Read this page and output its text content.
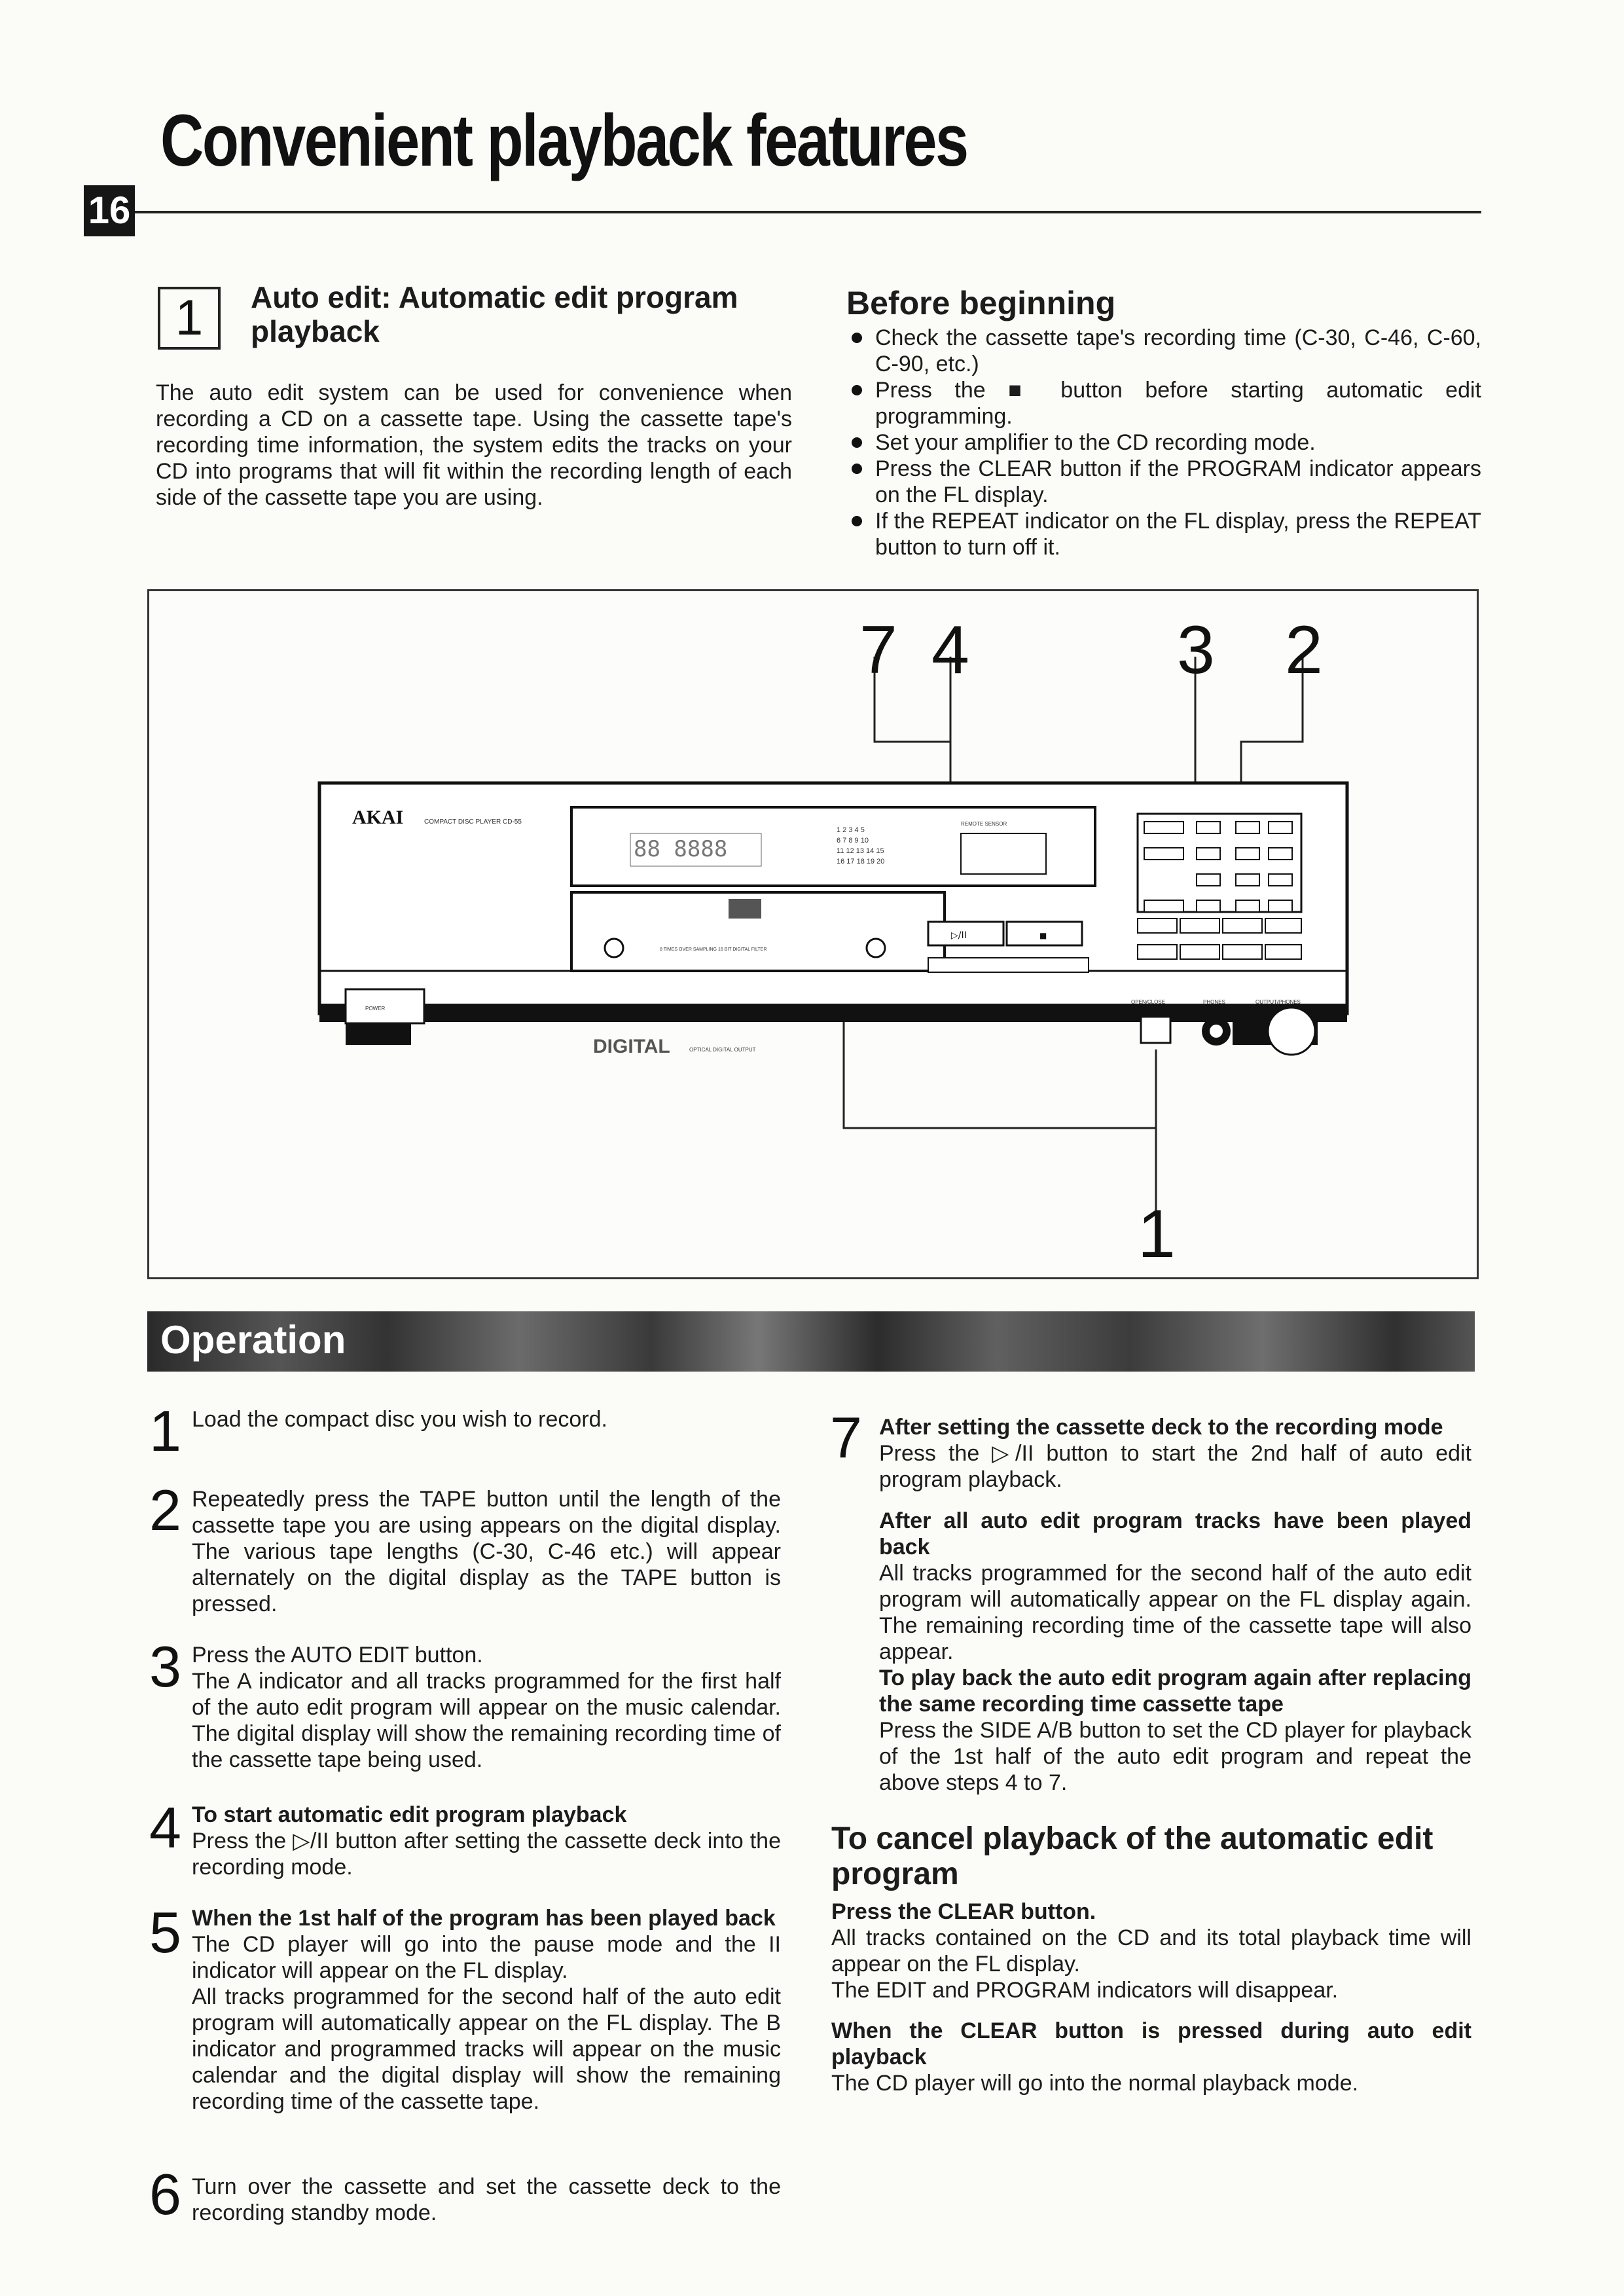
Convenient playback features
16
1	Auto edit: Automatic edit program playback

The auto edit system can be used for convenience when recording a CD on a cassette tape. Using the cassette tape's recording time information, the system edits the tracks on your CD into programs that will fit within the recording length of each side of the cassette tape you are using.

Before beginning
Check the cassette tape's recording time (C-30, C-46, C-60, C-90, etc.)
Press the ■ button before starting automatic edit programming.
Set your amplifier to the CD recording mode.
Press the CLEAR button if the PROGRAM indicator appears on the FL display.
If the REPEAT indicator on the FL display, press the REPEAT button to turn off it.
AKAI	COMPACT DISC PLAYER CD-55
88 8888
1 2 3 4 5
6 7 8 9 10
11 12 13 14 15
16 17 18 19 20
REMOTE SENSOR
8 TIMES OVER SAMPLING 16 BIT DIGITAL FILTER
▷/II	■
POWER
DIGITAL	OPTICAL DIGITAL OUTPUT
OPEN/CLOSE	PHONES	OUTPUT/PHONES
7 4	3 2
1
Operation
1 Load the compact disc you wish to record.

2 Repeatedly press the TAPE button until the length of the cassette tape you are using appears on the digital display. The various tape lengths (C-30, C-46 etc.) will appear alternately on the digital display as the TAPE button is pressed.

3 Press the AUTO EDIT button.
The A indicator and all tracks programmed for the first half of the auto edit program will appear on the music calendar. The digital display will show the remaining recording time of the cassette tape being used.

4 To start automatic edit program playback
Press the ▷/II button after setting the cassette deck into the recording mode.

5 When the 1st half of the program has been played back
The CD player will go into the pause mode and the II indicator will appear on the FL display.
All tracks programmed for the second half of the auto edit program will automatically appear on the FL display. The B indicator and programmed tracks will appear on the music calendar and the digital display will show the remaining recording time of the cassette tape.

6 Turn over the cassette and set the cassette deck to the recording standby mode.

7 After setting the cassette deck to the recording mode
Press the ▷/II button to start the 2nd half of auto edit program playback.

After all auto edit program tracks have been played back
All tracks programmed for the second half of the auto edit program will automatically appear on the FL display again. The remaining recording time of the cassette tape will also appear.

To play back the auto edit program again after replacing the same recording time cassette tape
Press the SIDE A/B button to set the CD player for playback of the 1st half of the auto edit program and repeat the above steps 4 to 7.

To cancel playback of the automatic edit program

Press the CLEAR button.
All tracks contained on the CD and its total playback time will appear on the FL display.
The EDIT and PROGRAM indicators will disappear.

When the CLEAR button is pressed during auto edit playback
The CD player will go into the normal playback mode.
